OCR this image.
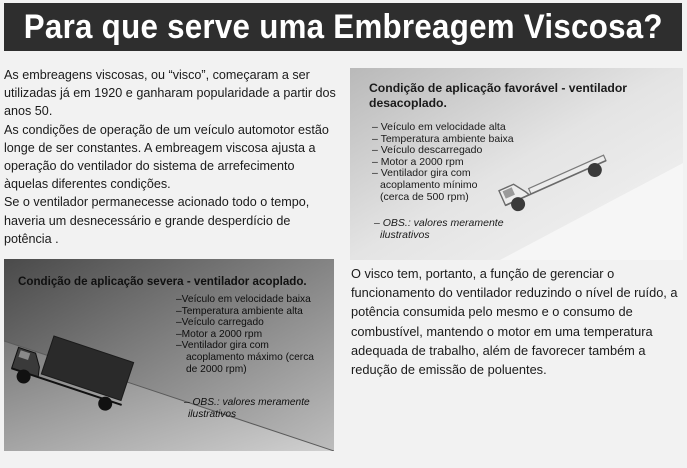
Para que serve uma Embreagem Viscosa?

As embreagens viscosas, ou “visco”, começaram a ser utilizadas já em 1920 e ganharam popularidade a partir dos anos 50.

As condições de operação de um veículo automotor estão longe de ser constantes. A embreagem viscosa ajusta a operação do ventilador do sistema de arrefecimento àquelas diferentes condições.

Se o ventilador permanecesse acionado todo o tempo, haveria um desnecessário e grande desperdício de potência .

Condição de aplicação favorável - ventilador desacoplado.
– Veículo em velocidade alta
– Temperatura ambiente baixa
– Veículo descarregado
– Motor a 2000 rpm
– Ventilador gira com
acoplamento mínimo
(cerca de 500 rpm)
– OBS.: valores meramente
ilustrativos
Condição de aplicação severa - ventilador acoplado.
–Veículo em velocidade baixa
–Temperatura ambiente alta
–Veículo carregado
–Motor a 2000 rpm
–Ventilador gira com
acoplamento máximo (cerca
de 2000 rpm)
– OBS.: valores meramente
ilustrativos

O visco tem, portanto, a função de gerenciar o funcionamento do ventilador reduzindo o nível de ruído, a potência consumida pelo mesmo e o consumo de combustível, mantendo o motor em uma temperatura adequada de trabalho, além de favorecer também a redução de emissão de poluentes.
